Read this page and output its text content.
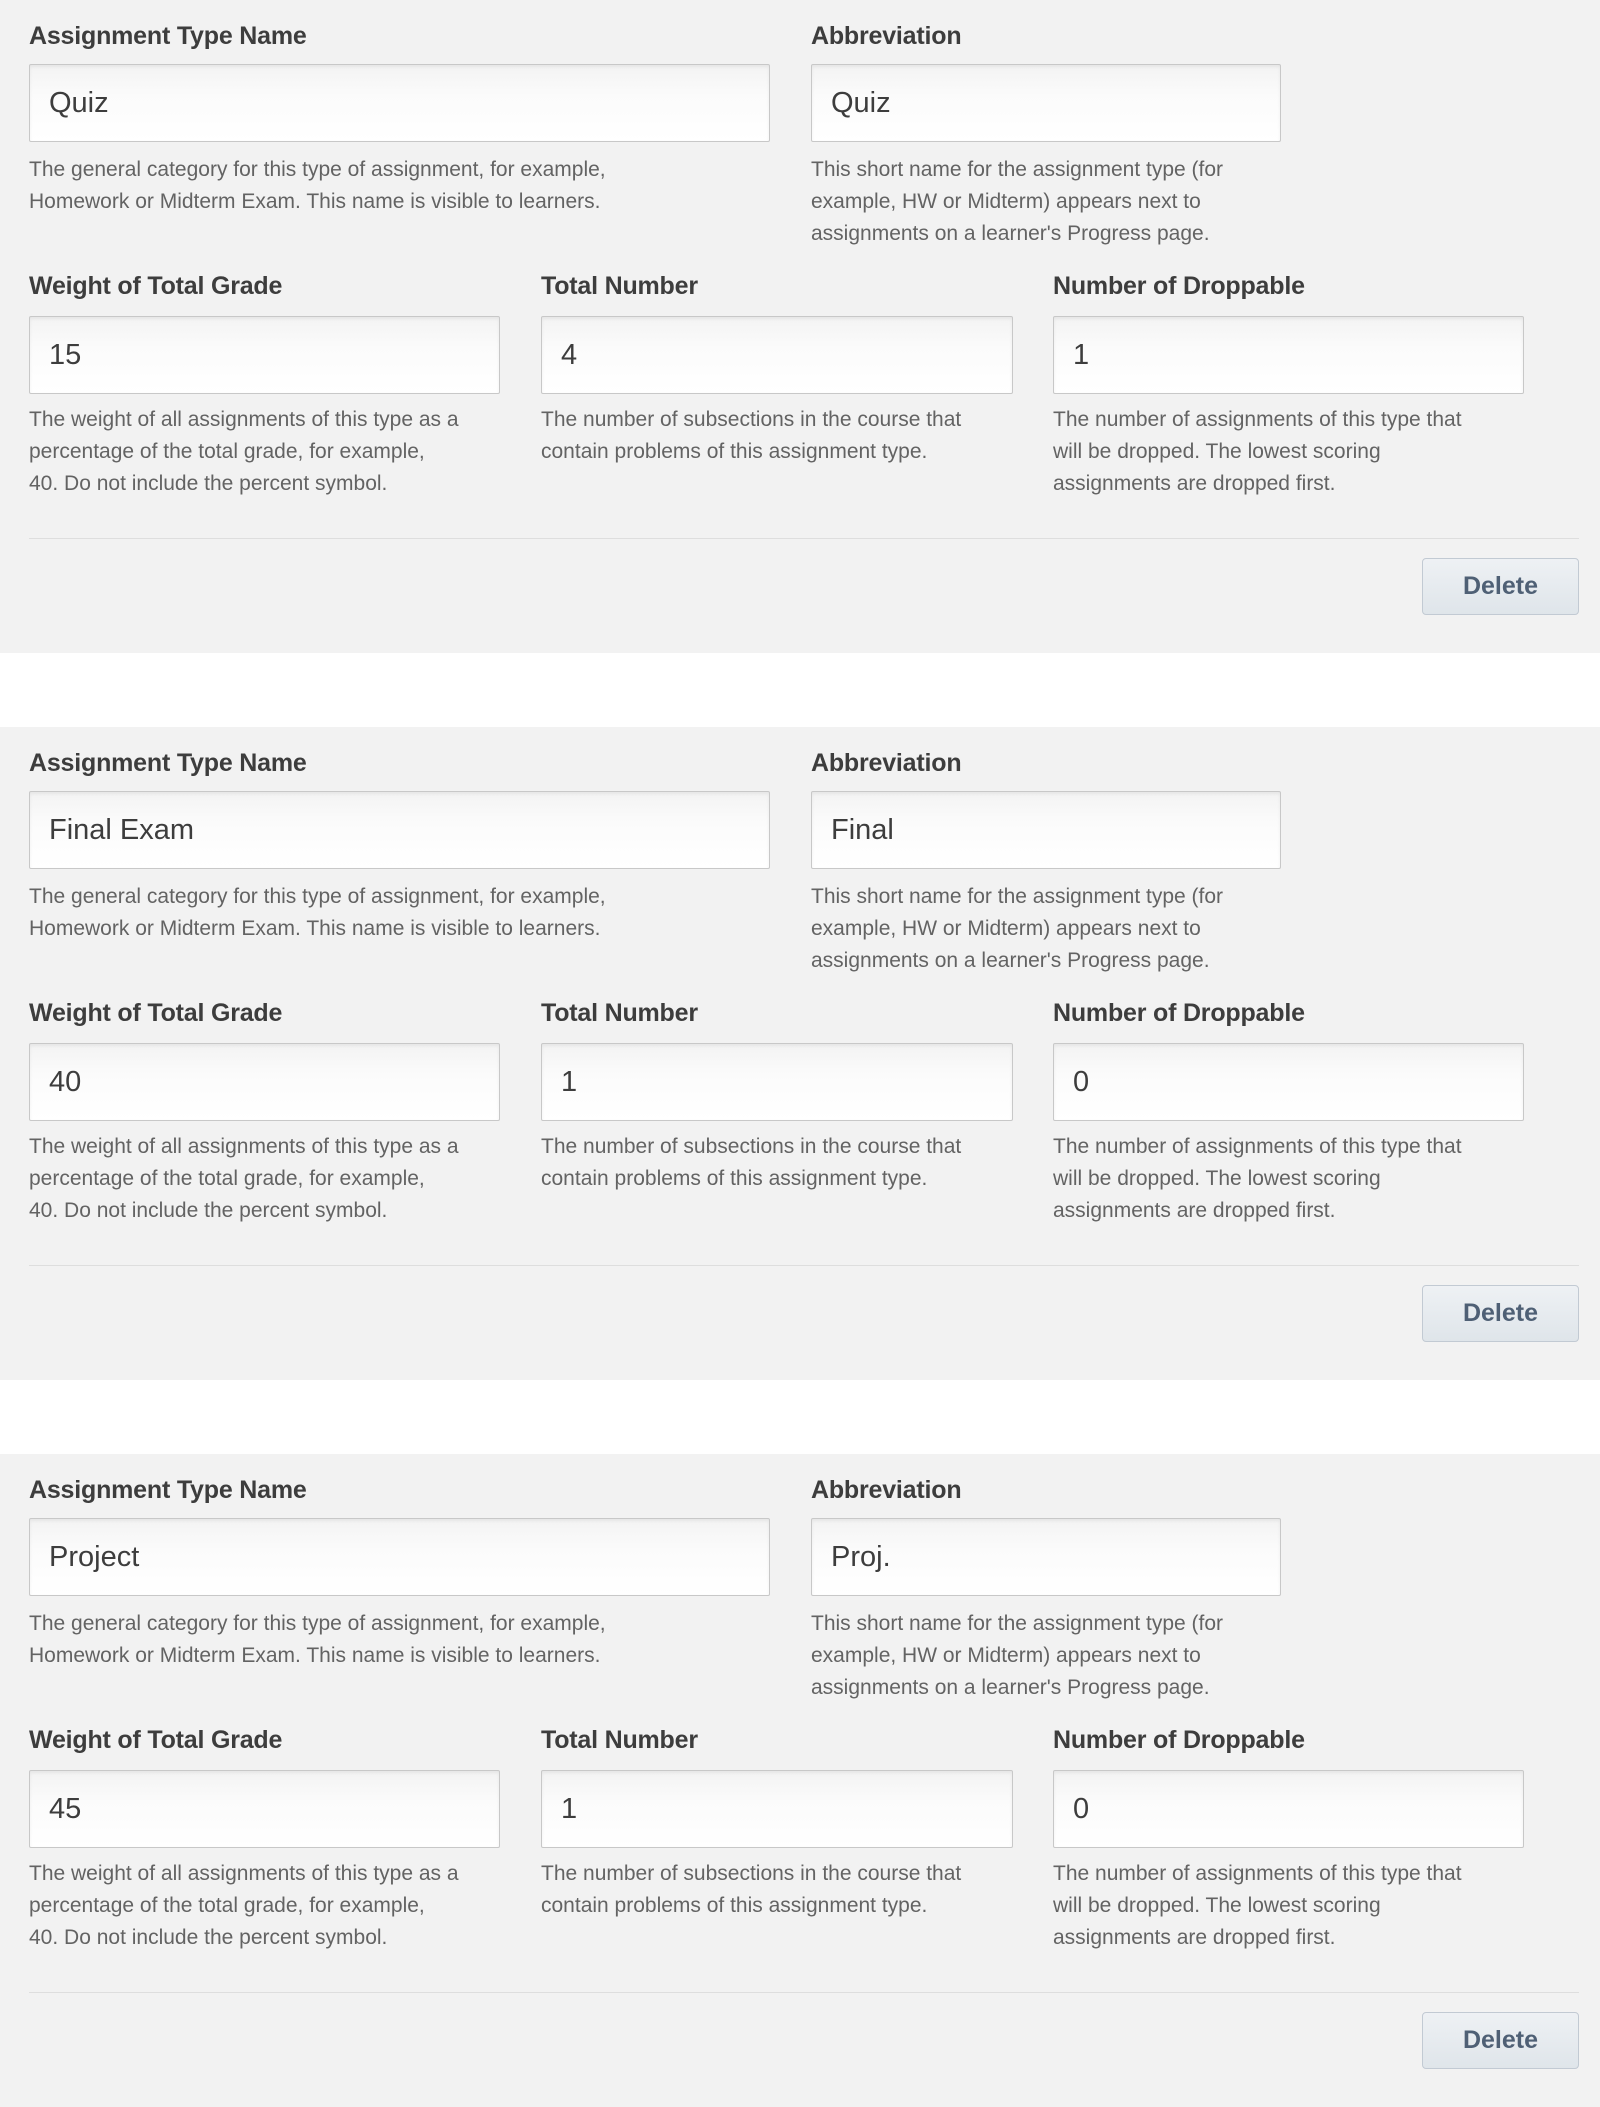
Assignment Type Name
Quiz
The general category for this type of assignment, for example,
Homework or Midterm Exam. This name is visible to learners.
Abbreviation
Quiz
This short name for the assignment type (for
example, HW or Midterm) appears next to
assignments on a learner's Progress page.
Weight of Total Grade
15
The weight of all assignments of this type as a
percentage of the total grade, for example,
40. Do not include the percent symbol.
Total Number
4
The number of subsections in the course that
contain problems of this assignment type.
Number of Droppable
1
The number of assignments of this type that
will be dropped. The lowest scoring
assignments are dropped first.
Delete
Assignment Type Name
Final Exam
The general category for this type of assignment, for example,
Homework or Midterm Exam. This name is visible to learners.
Abbreviation
Final
This short name for the assignment type (for
example, HW or Midterm) appears next to
assignments on a learner's Progress page.
Weight of Total Grade
40
The weight of all assignments of this type as a
percentage of the total grade, for example,
40. Do not include the percent symbol.
Total Number
1
The number of subsections in the course that
contain problems of this assignment type.
Number of Droppable
0
The number of assignments of this type that
will be dropped. The lowest scoring
assignments are dropped first.
Delete
Assignment Type Name
Project
The general category for this type of assignment, for example,
Homework or Midterm Exam. This name is visible to learners.
Abbreviation
Proj.
This short name for the assignment type (for
example, HW or Midterm) appears next to
assignments on a learner's Progress page.
Weight of Total Grade
45
The weight of all assignments of this type as a
percentage of the total grade, for example,
40. Do not include the percent symbol.
Total Number
1
The number of subsections in the course that
contain problems of this assignment type.
Number of Droppable
0
The number of assignments of this type that
will be dropped. The lowest scoring
assignments are dropped first.
Delete
